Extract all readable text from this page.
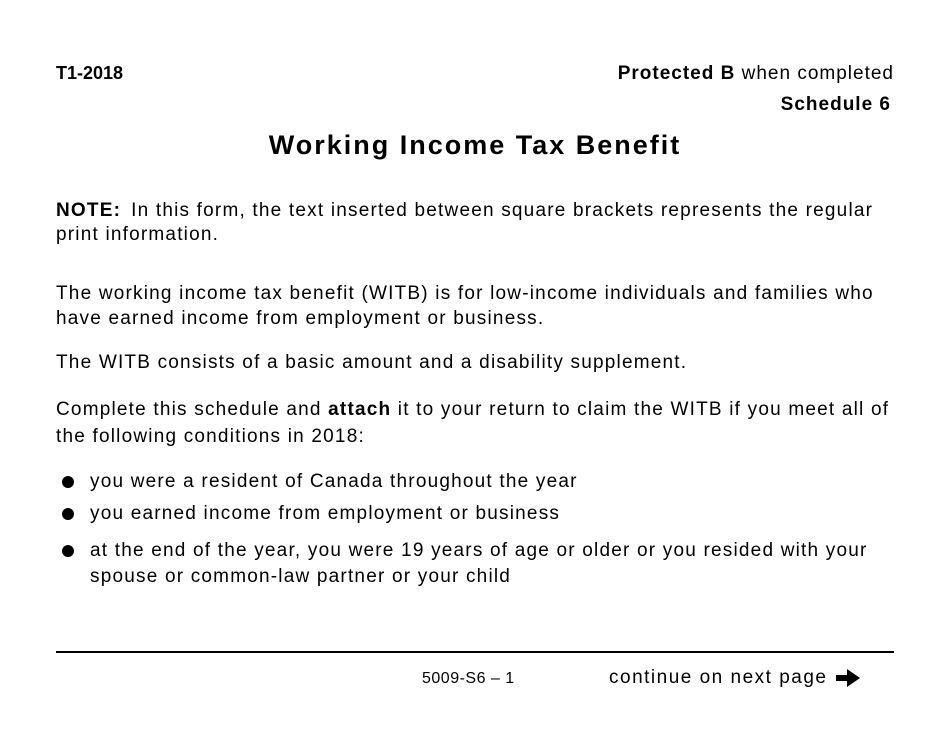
T1-2018	Protected B when completed
Schedule 6
Working Income Tax Benefit
NOTE: In this form, the text inserted between square brackets represents the regular print information.
The working income tax benefit (WITB) is for low-income individuals and families who have earned income from employment or business.
The WITB consists of a basic amount and a disability supplement.
Complete this schedule and attach it to your return to claim the WITB if you meet all of the following conditions in 2018:
you were a resident of Canada throughout the year
you earned income from employment or business
at the end of the year, you were 19 years of age or older or you resided with your spouse or common-law partner or your child
5009-S6 – 1	continue on next page
